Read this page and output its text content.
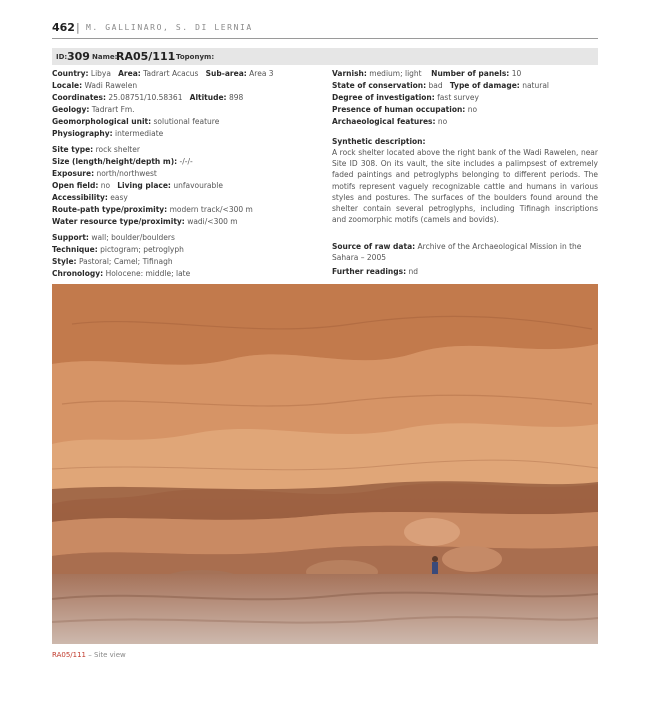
462 | M. GALLINARO, S. DI LERNIA
ID: 309 Name:
RA05/111 Toponym:
Country: Libya Area: Tadrart Acacus Sub-area: Area 3
Locale: Wadi Rawelen
Coordinates: 25.08751/10.58361 Altitude: 898
Geology: Tadrart Fm.
Geomorphological unit: solutional feature
Physiography: intermediate
Site type: rock shelter
Size (length/height/depth m): -/-/-
Exposure: north/northwest
Open field: no Living place: unfavourable
Accessibility: easy
Route-path type/proximity: modern track/<300 m
Water resource type/proximity: wadi/<300 m
Support: wall; boulder/boulders
Technique: pictogram; petroglyph
Style: Pastoral; Camel; Tifinagh
Chronology: Holocene: middle; late
Varnish: medium; light Number of panels: 10
State of conservation: bad Type of damage: natural
Degree of investigation: fast survey
Presence of human occupation: no
Archaeological features: no
Synthetic description:
A rock shelter located above the right bank of the Wadi Rawelen, near Site ID 308. On its vault, the site includes a palimpsest of extremely faded paintings and petroglyphs belonging to different periods. The motifs represent vaguely recognizable cattle and humans in various styles and postures. The surfaces of the boulders found around the shelter contain several petroglyphs, including Tifinagh inscriptions and zoomorphic motifs (camels and bovids).
Source of raw data: Archive of the Archaeological Mission in the Sahara – 2005
Further readings: nd
RA05/111 – Site view
